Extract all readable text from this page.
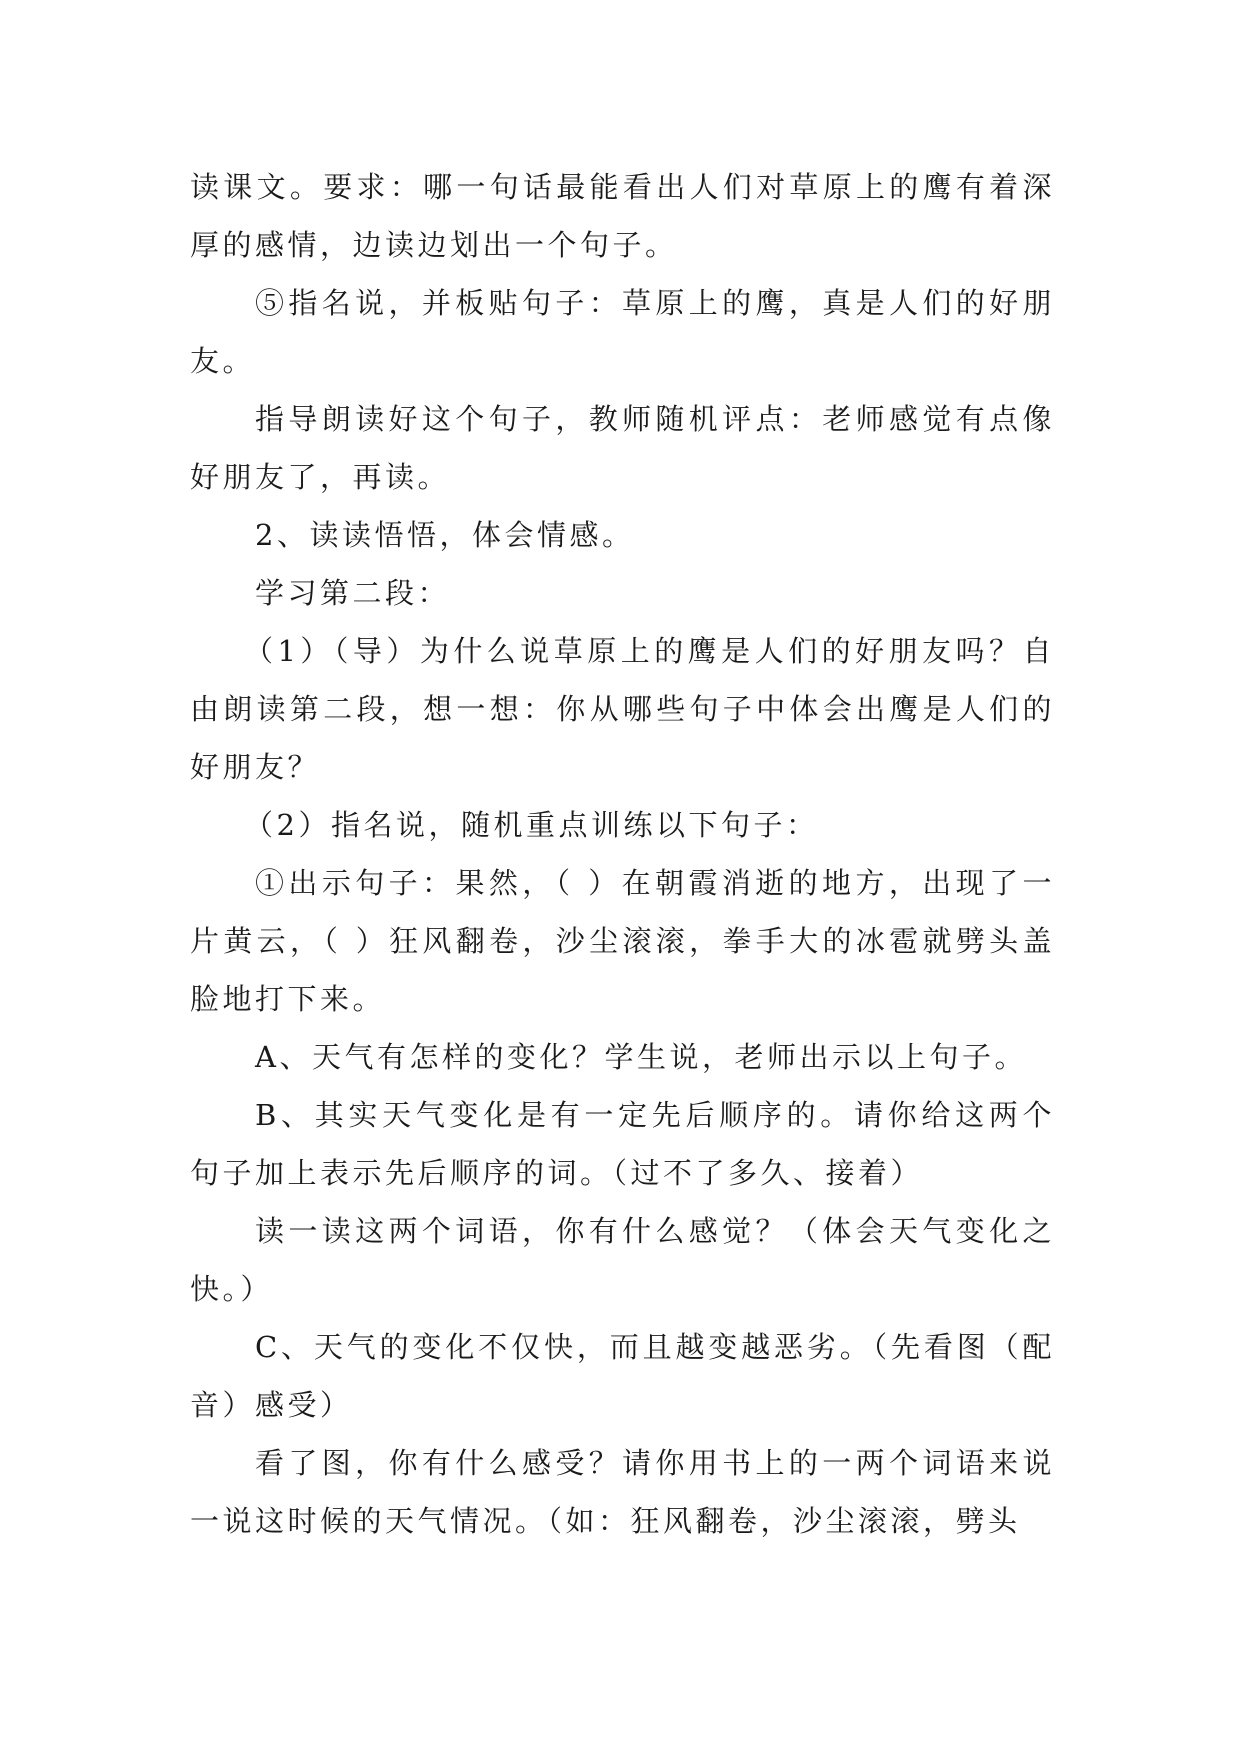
读课文。要求：哪一句话最能看出人们对草原上的鹰有着深厚的感情，边读边划出一个句子。

⑤指名说，并板贴句子：草原上的鹰，真是人们的好朋友。

指导朗读好这个句子，教师随机评点：老师感觉有点像好朋友了，再读。

2、读读悟悟，体会情感。

学习第二段：

（1）（导）为什么说草原上的鹰是人们的好朋友吗？自由朗读第二段，想一想：你从哪些句子中体会出鹰是人们的好朋友？

（2）指名说，随机重点训练以下句子：

①出示句子：果然，（ ）在朝霞消逝的地方，出现了一片黄云，（ ）狂风翻卷，沙尘滚滚，拳手大的冰雹就劈头盖脸地打下来。

A、天气有怎样的变化？学生说，老师出示以上句子。

B、其实天气变化是有一定先后顺序的。请你给这两个句子加上表示先后顺序的词。（过不了多久、接着）

读一读这两个词语，你有什么感觉？（体会天气变化之快。）

C、天气的变化不仅快，而且越变越恶劣。（先看图（配音）感受）

看了图，你有什么感受？请你用书上的一两个词语来说一说这时候的天气情况。（如：狂风翻卷，沙尘滚滚，劈头
